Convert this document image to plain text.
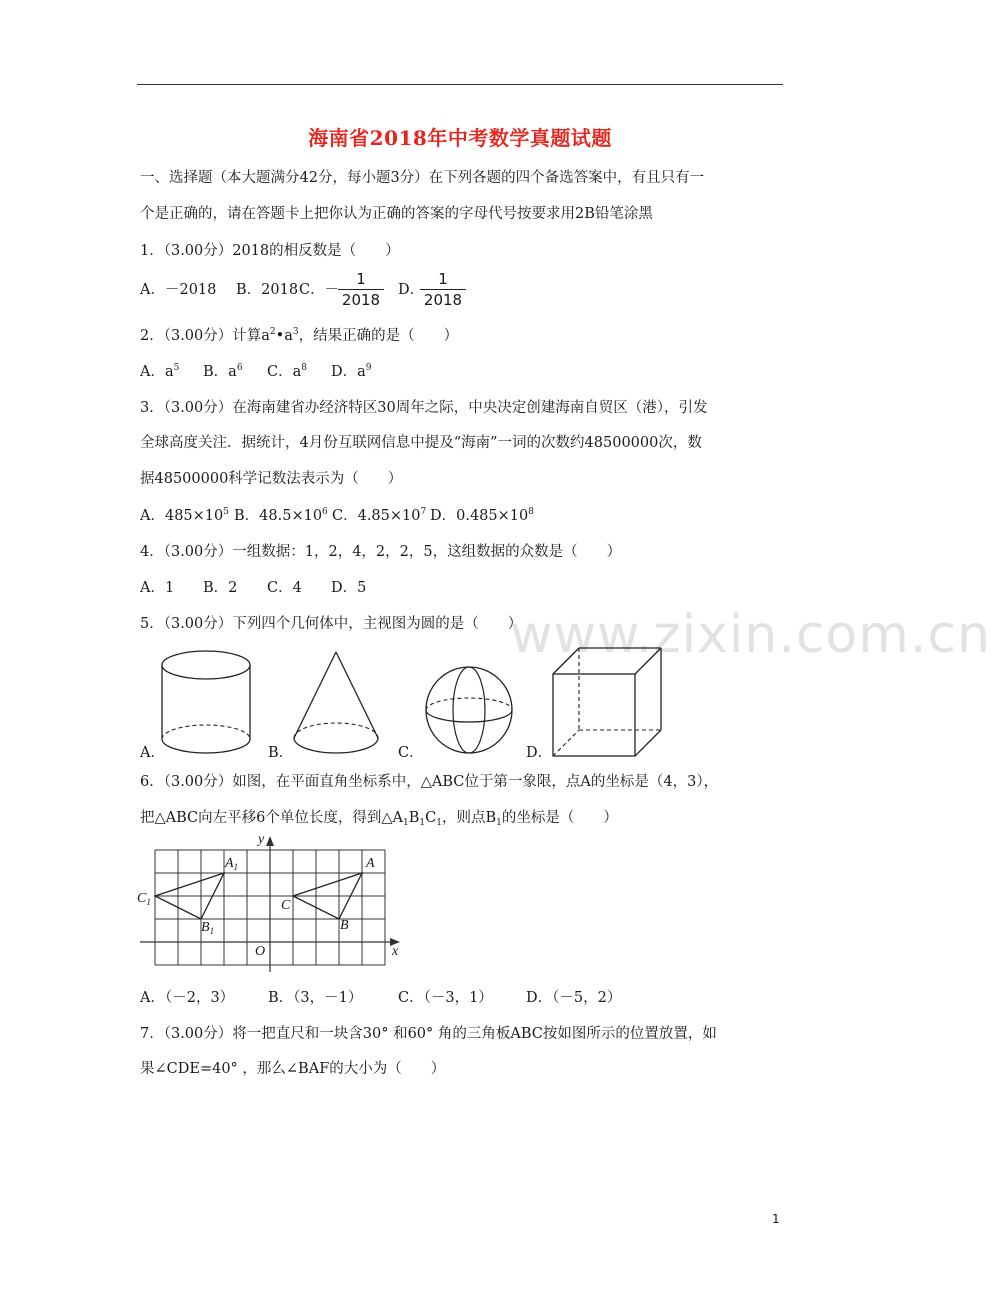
海南省2018年中考数学真题试题
一、选择题（本大题满分42分，每小题3分）在下列各题的四个备选答案中，有且只有一
个是正确的，请在答题卡上把你认为正确的答案的字母代号按要求用2B铅笔涂黑
1．（3.00分）2018的相反数是（　　）
A．－2018 B．2018 C．－
$\frac{1}{2018}$ D．
$\frac{1}{2018}$
2．（3.00分）计算$a^2•a^3$，结果正确的是（　　）
A．$a^5$ B．$a^6$ C．$a^8$ D．$a^9$
3．（3.00分）在海南建省办经济特区30周年之际，中央决定创建海南自贸区（港），引发
全球高度关注．据统计，4月份互联网信息中提及“海南”一词的次数约48500000次，数
据48500000科学记数法表示为（　　）
A．$485\times 10^5$ B．$48.5\times 10^6$ C．$4.85\times 10^7$ D．$0.485\times 10^8$
4．（3.00分）一组数据：1，2，4，2，2，5，这组数据的众数是（　　）
A．1 B．2 C．4 D．5
5．（3.00分）下列四个几何体中，主视图为圆的是（　　）
www.zixin.com.cn
A．	B．	C．	D．
6．（3.00分）如图，在平面直角坐标系中，△ABC位于第一象限，点A的坐标是（4，3），
把△ABC向左平移6个单位长度，得到$\triangle A_1B_1C_1$，则点$B_1$的坐标是（　　）
y
x
O
A
B
C
$A_1$
$B_1$
$C_1$
A．（－2，3） B．（3，－1） C．（－3，1） D．（－5，2）
7．（3.00分）将一把直尺和一块含30° 和60° 角的三角板ABC按如图所示的位置放置，如
果∠CDE=40° ，那么∠BAF的大小为（　　）
1
